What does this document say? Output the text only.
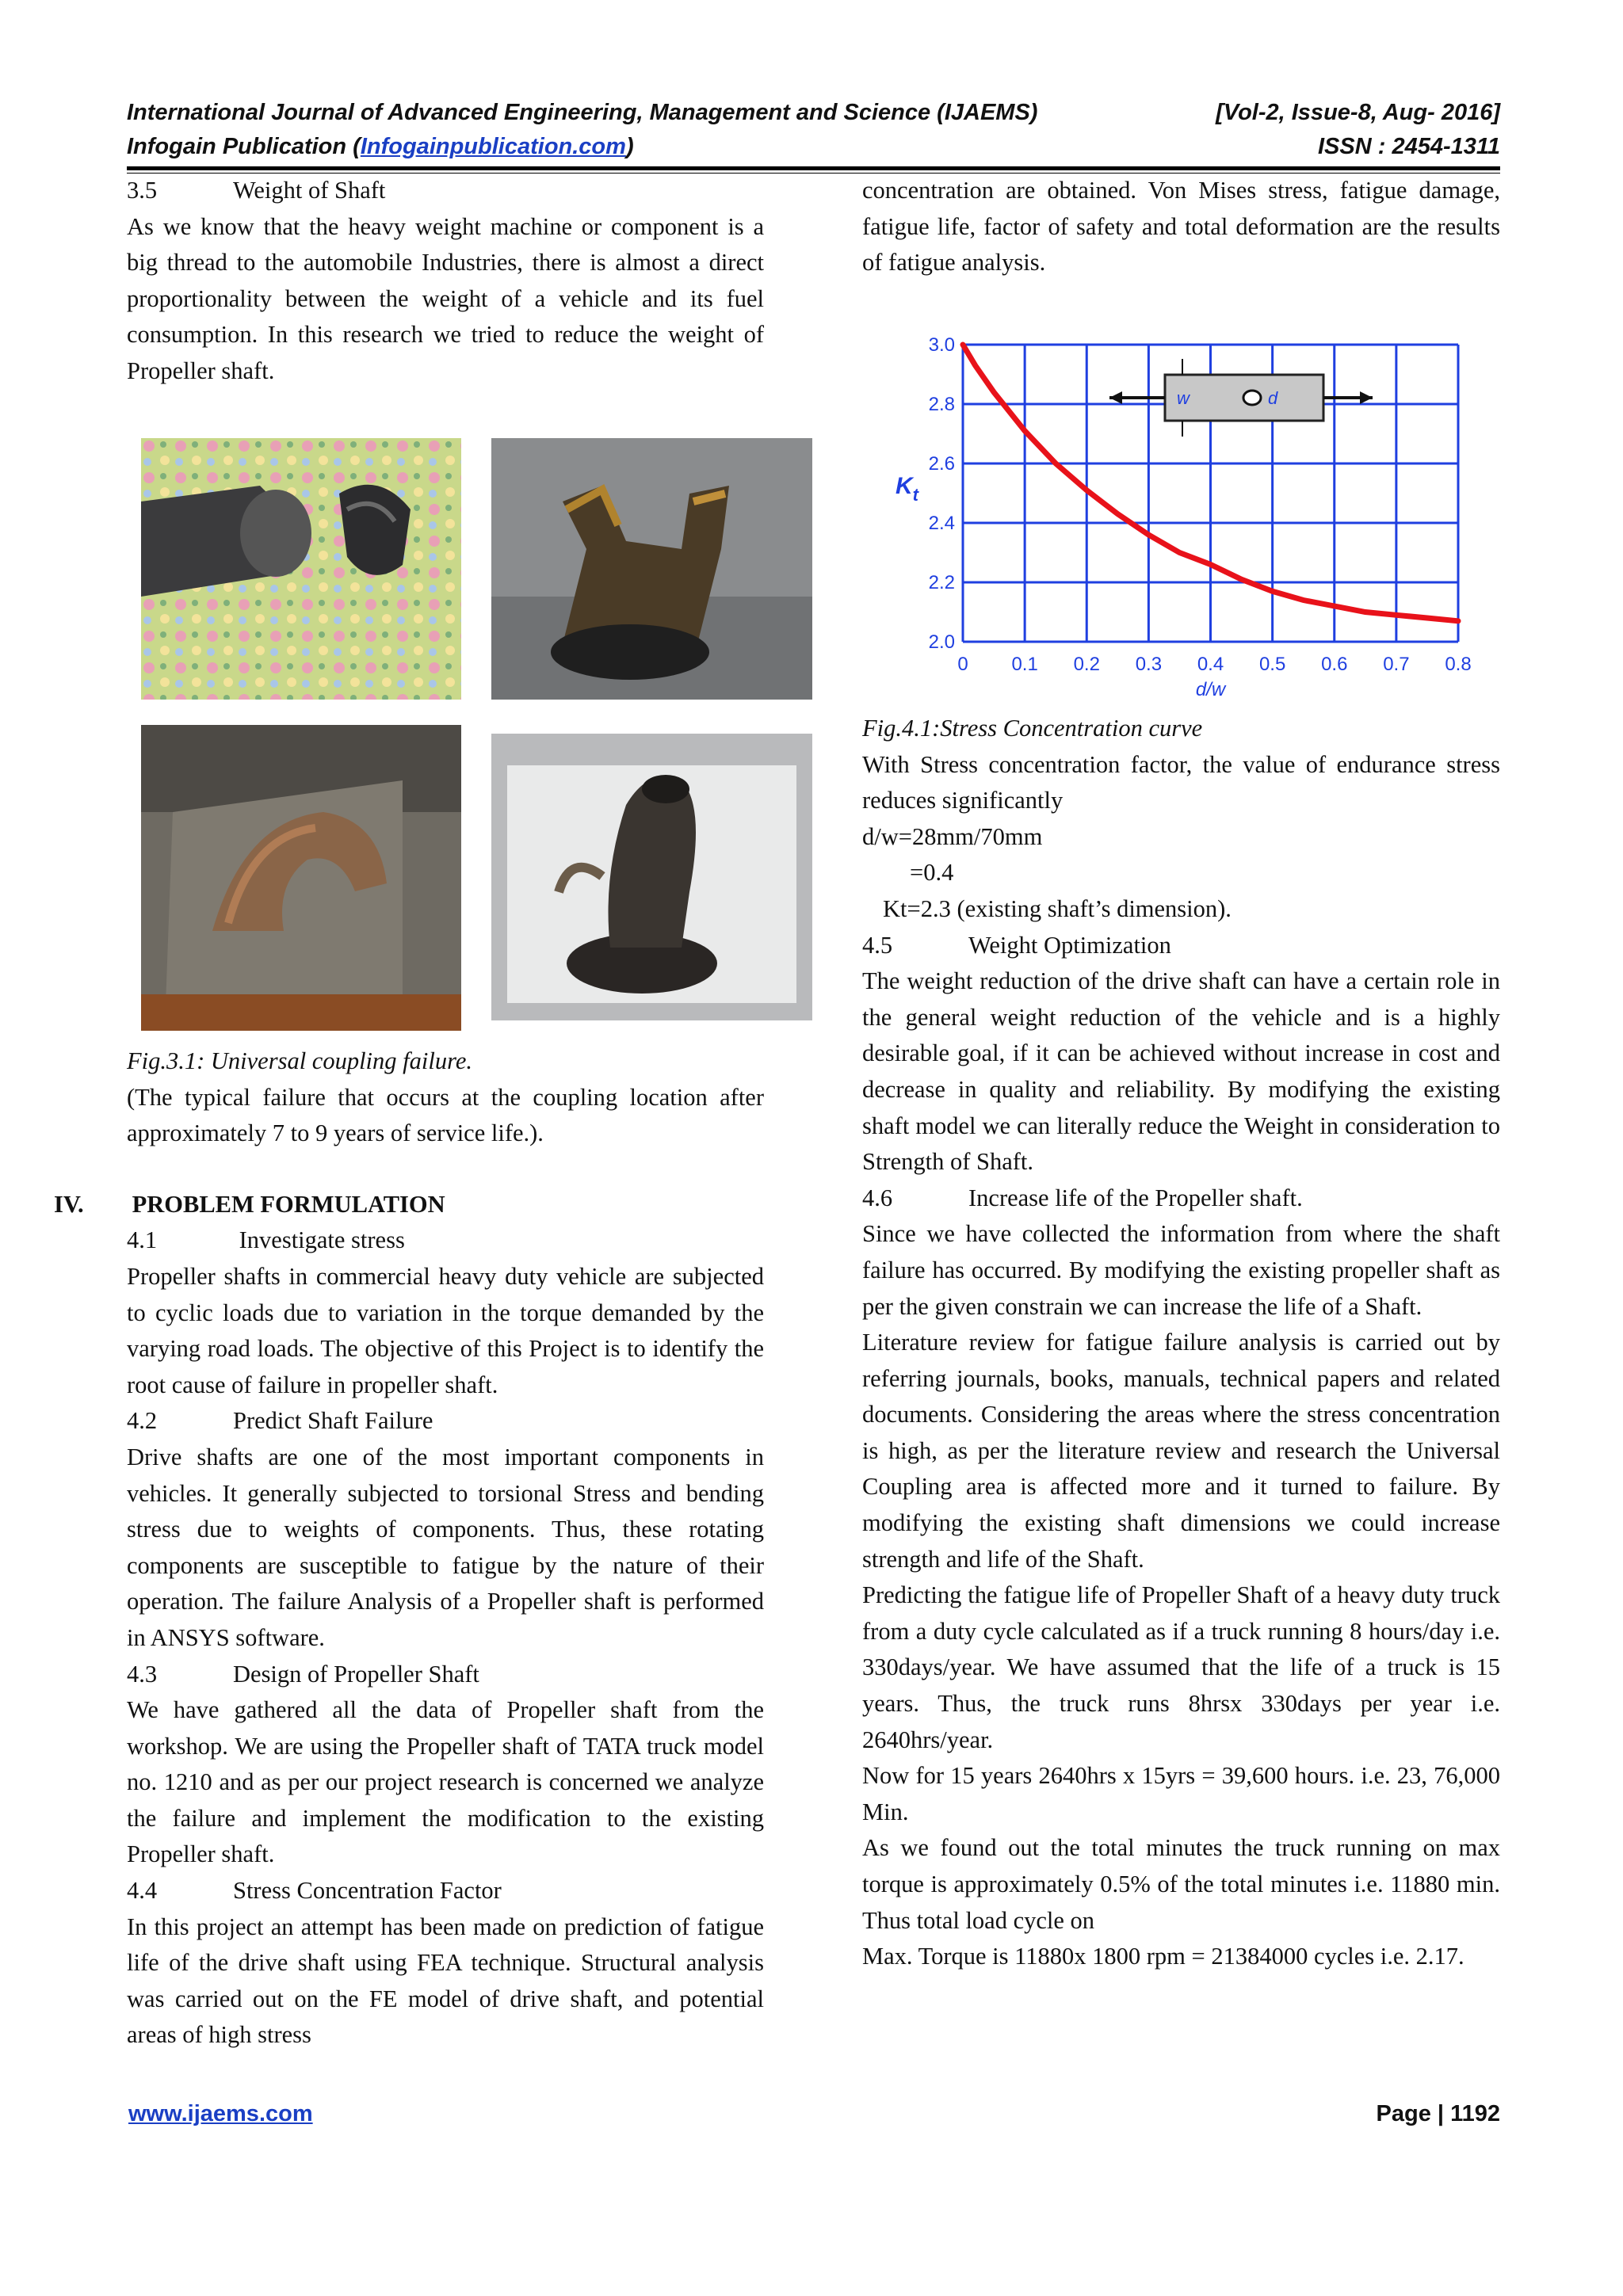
International Journal of Advanced Engineering, Management and Science (IJAEMS)	[Vol-2, Issue-8, Aug- 2016]
Infogain Publication (Infogainpublication.com)	ISSN : 2454-1311

3.5	Weight of Shaft

As we know that the heavy weight machine or component is a big thread to the automobile Industries, there is almost a direct proportionality between the weight of a vehicle and its fuel consumption. In this research we tried to reduce the weight of Propeller shaft.

Fig.3.1: Universal coupling failure.

(The typical failure that occurs at the coupling location after approximately 7 to 9 years of service life.).

IV.        PROBLEM FORMULATION

4.1	Investigate stress

Propeller shafts in commercial heavy duty vehicle are subjected to cyclic loads due to variation in the torque demanded by the varying road loads. The objective of this Project is to identify the root cause of failure in propeller shaft.

4.2	Predict Shaft Failure

Drive shafts are one of the most important components in vehicles. It generally subjected to torsional Stress and bending stress due to weights of components. Thus, these rotating components are susceptible to fatigue by the nature of their operation. The failure Analysis of a Propeller shaft is performed in ANSYS software.

4.3	Design of Propeller Shaft

We have gathered all the data of Propeller shaft from the workshop. We are using the Propeller shaft of TATA truck model no. 1210 and as per our project research is concerned we analyze the failure and implement the modification to the existing Propeller shaft.

4.4	Stress Concentration Factor

In this project an attempt has been made on prediction of fatigue life of the drive shaft using FEA technique. Structural analysis was carried out on the FE model of drive shaft, and potential areas of high stress

concentration are obtained. Von Mises stress, fatigue damage, fatigue life, factor of safety and total deformation are the results of fatigue analysis.

0 0.1 0.2 0.3 0.4 0.5 0.6 0.7 0.8
2.0
2.2
2.4
2.6
2.8
3.0
d/w
$K_t$
w	d

Fig.4.1:Stress Concentration curve

With Stress concentration factor, the value of endurance stress reduces significantly

d/w=28mm/70mm

=0.4

Kt=2.3 (existing shaft’s dimension).

4.5	Weight Optimization

The weight reduction of the drive shaft can have a certain role in the general weight reduction of the vehicle and is a highly desirable goal, if it can be achieved without increase in cost and decrease in quality and reliability. By modifying the existing shaft model we can literally reduce the Weight in consideration to Strength of Shaft.

4.6	Increase life of the Propeller shaft.

Since we have collected the information from where the shaft failure has occurred. By modifying the existing propeller shaft as per the given constrain we can increase the life of a Shaft.

Literature review for fatigue failure analysis is carried out by referring journals, books, manuals, technical papers and related documents. Considering the areas where the stress concentration is high, as per the literature review and research the Universal Coupling area is affected more and it turned to failure. By modifying the existing shaft dimensions we could increase strength and life of the Shaft.

Predicting the fatigue life of Propeller Shaft of a heavy duty truck from a duty cycle calculated as if a truck running 8 hours/day i.e. 330days/year. We have assumed that the life of a truck is 15 years. Thus, the truck runs 8hrsx 330days per year i.e. 2640hrs/year.

Now for 15 years 2640hrs x 15yrs = 39,600 hours. i.e. 23, 76,000 Min.

As we found out the total minutes the truck running on max torque is approximately 0.5% of the total minutes i.e. 11880 min. Thus total load cycle on

Max. Torque is 11880x 1800 rpm = 21384000 cycles i.e. 2.17.

www.ijaems.com	Page | 1192
